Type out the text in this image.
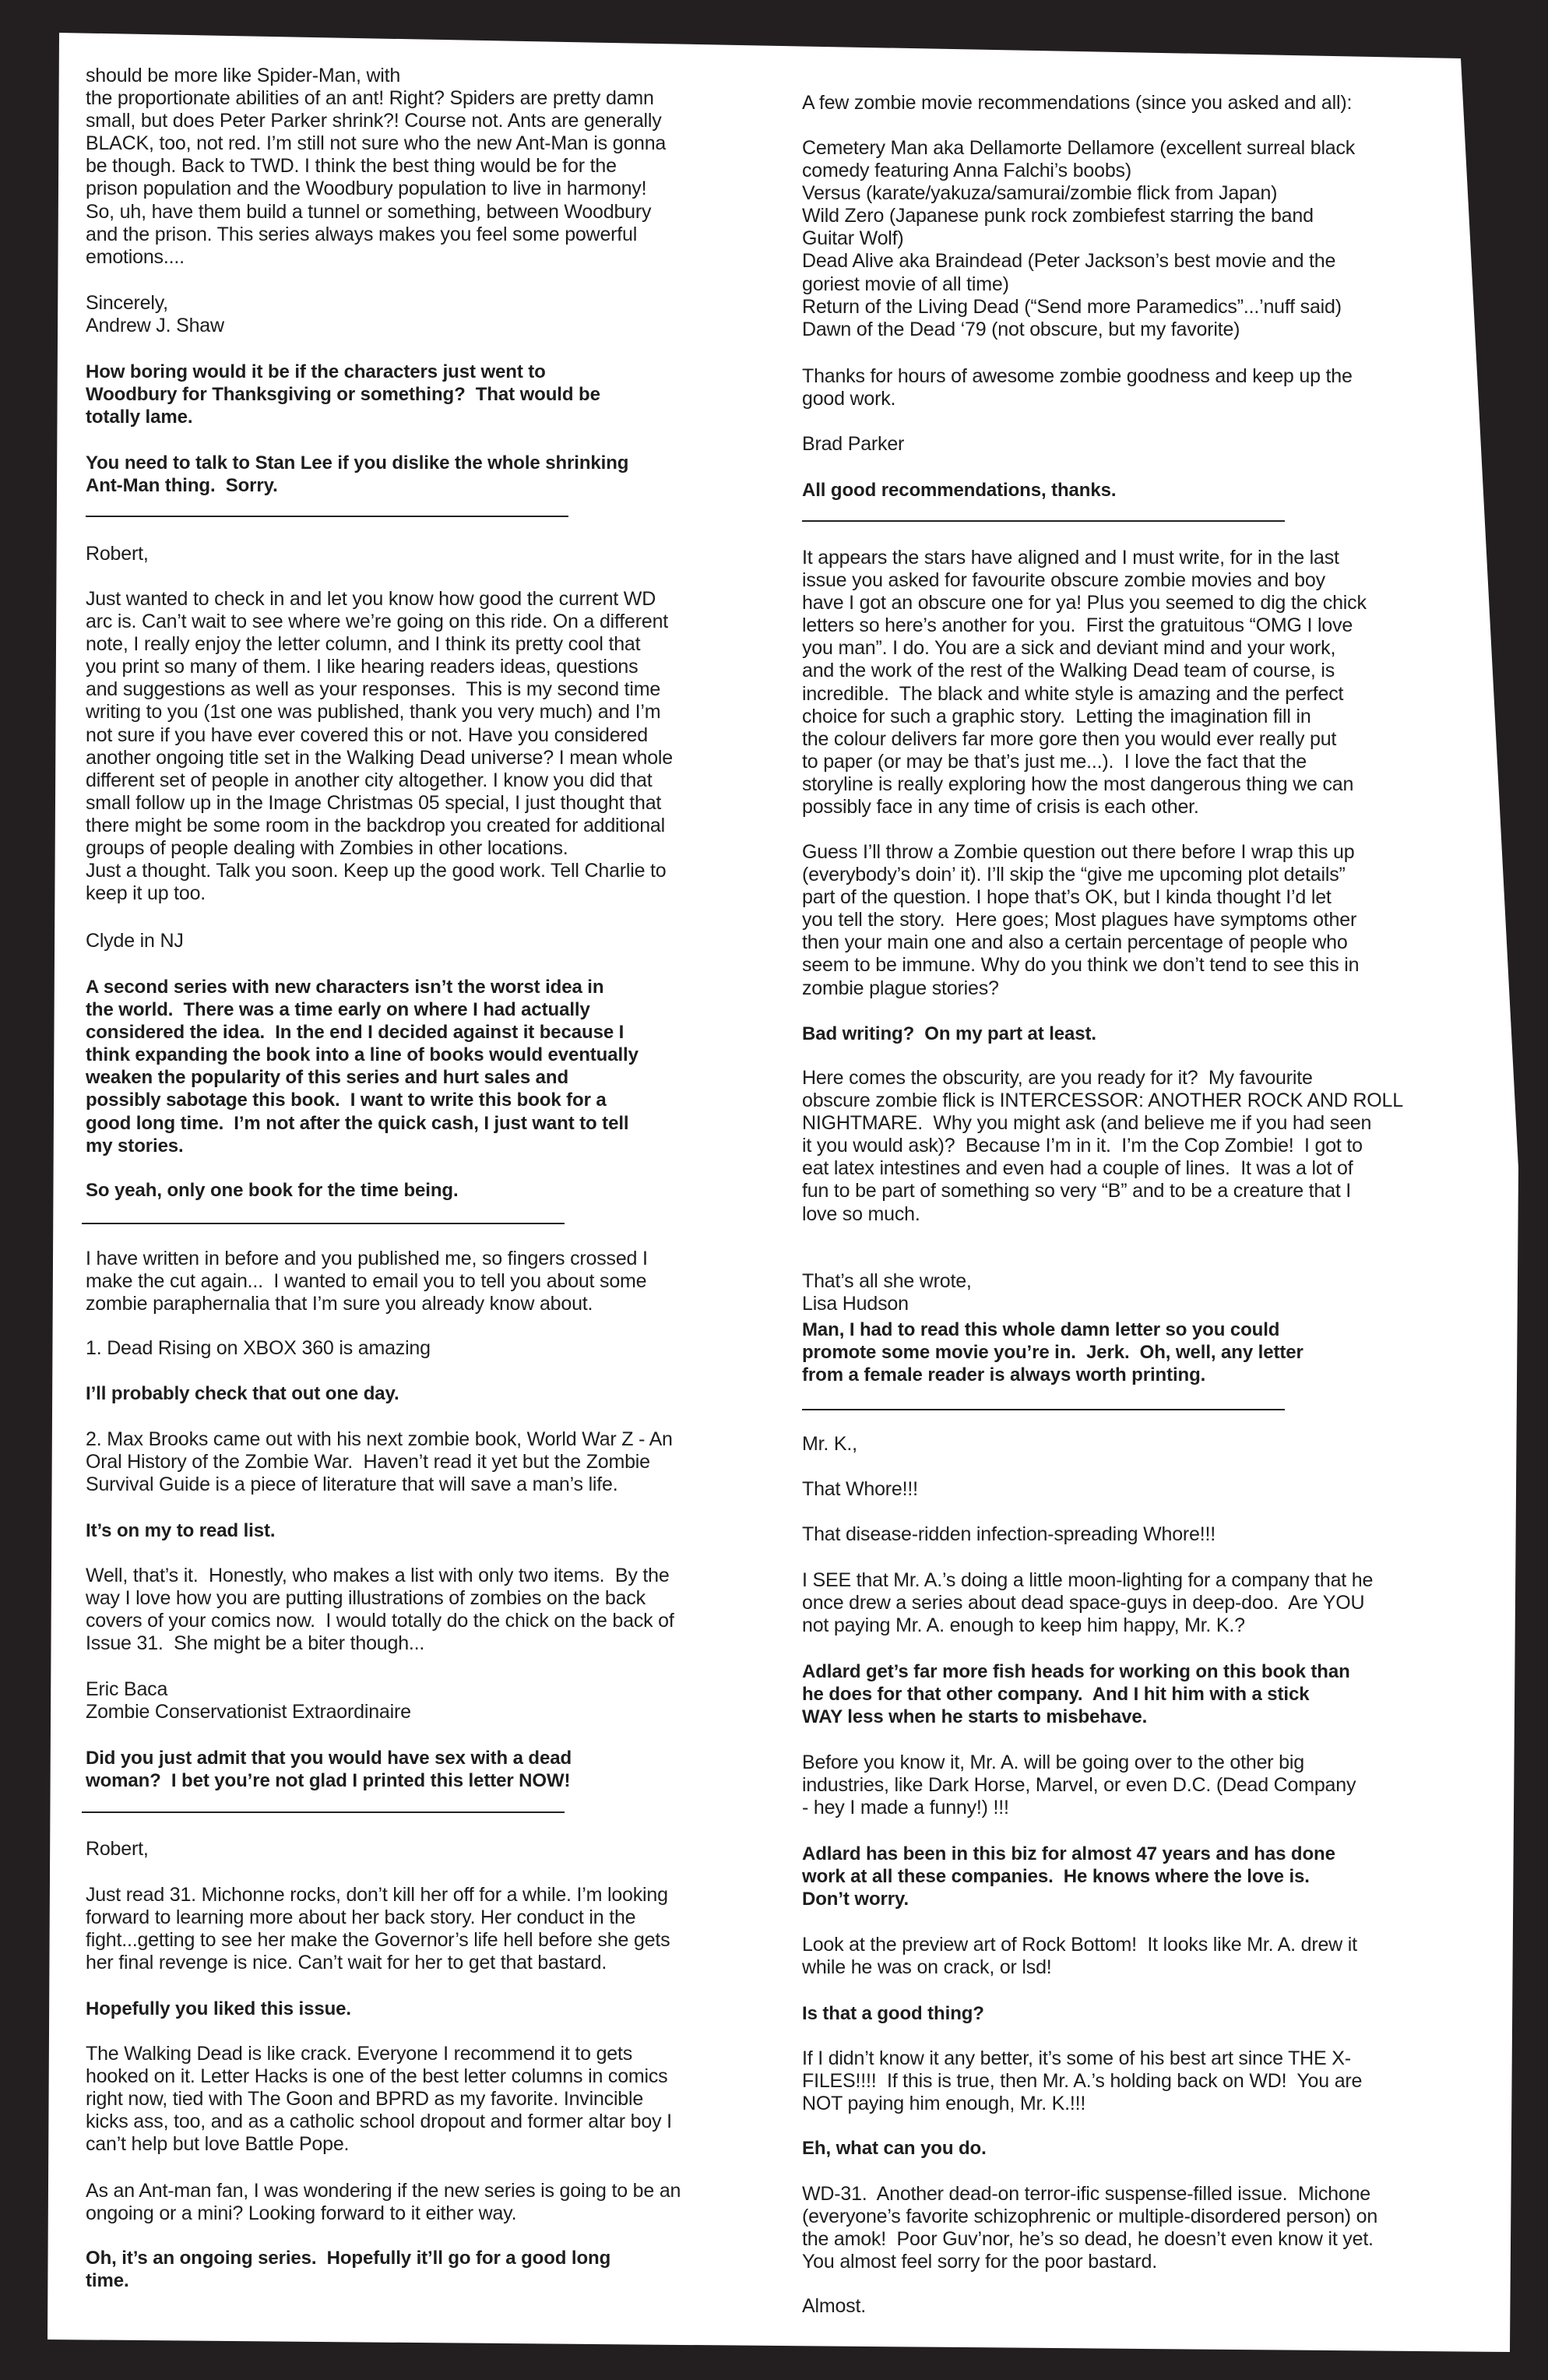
should be more like Spider-Man, with
the proportionate abilities of an ant! Right? Spiders are pretty damn
small, but does Peter Parker shrink?! Course not. Ants are generally
BLACK, too, not red. I’m still not sure who the new Ant-Man is gonna
be though. Back to TWD. I think the best thing would be for the
prison population and the Woodbury population to live in harmony!
So, uh, have them build a tunnel or something, between Woodbury
and the prison. This series always makes you feel some powerful
emotions....
Sincerely,
Andrew J. Shaw
How boring would it be if the characters just went to
Woodbury for Thanksgiving or something?  That would be
totally lame.
You need to talk to Stan Lee if you dislike the whole shrinking
Ant-Man thing.  Sorry.
Robert,
Just wanted to check in and let you know how good the current WD
arc is. Can’t wait to see where we’re going on this ride. On a different
note, I really enjoy the letter column, and I think its pretty cool that
you print so many of them. I like hearing readers ideas, questions
and suggestions as well as your responses.  This is my second time
writing to you (1st one was published, thank you very much) and I’m
not sure if you have ever covered this or not. Have you considered
another ongoing title set in the Walking Dead universe? I mean whole
different set of people in another city altogether. I know you did that
small follow up in the Image Christmas 05 special, I just thought that
there might be some room in the backdrop you created for additional
groups of people dealing with Zombies in other locations.
Just a thought. Talk you soon. Keep up the good work. Tell Charlie to
keep it up too.
Clyde in NJ
A second series with new characters isn’t the worst idea in
the world.  There was a time early on where I had actually
considered the idea.  In the end I decided against it because I
think expanding the book into a line of books would eventually
weaken the popularity of this series and hurt sales and
possibly sabotage this book.  I want to write this book for a
good long time.  I’m not after the quick cash, I just want to tell
my stories.
So yeah, only one book for the time being.
I have written in before and you published me, so fingers crossed I
make the cut again...  I wanted to email you to tell you about some
zombie paraphernalia that I’m sure you already know about.
1. Dead Rising on XBOX 360 is amazing
I’ll probably check that out one day.
2. Max Brooks came out with his next zombie book, World War Z - An
Oral History of the Zombie War.  Haven’t read it yet but the Zombie
Survival Guide is a piece of literature that will save a man’s life.
It’s on my to read list.
Well, that’s it.  Honestly, who makes a list with only two items.  By the
way I love how you are putting illustrations of zombies on the back
covers of your comics now.  I would totally do the chick on the back of
Issue 31.  She might be a biter though...
Eric Baca
Zombie Conservationist Extraordinaire
Did you just admit that you would have sex with a dead
woman?  I bet you’re not glad I printed this letter NOW!
Robert,
Just read 31. Michonne rocks, don’t kill her off for a while. I’m looking
forward to learning more about her back story. Her conduct in the
fight...getting to see her make the Governor’s life hell before she gets
her final revenge is nice. Can’t wait for her to get that bastard.
Hopefully you liked this issue.
The Walking Dead is like crack. Everyone I recommend it to gets
hooked on it. Letter Hacks is one of the best letter columns in comics
right now, tied with The Goon and BPRD as my favorite. Invincible
kicks ass, too, and as a catholic school dropout and former altar boy I
can’t help but love Battle Pope.
As an Ant-man fan, I was wondering if the new series is going to be an
ongoing or a mini? Looking forward to it either way.
Oh, it’s an ongoing series.  Hopefully it’ll go for a good long
time.
A few zombie movie recommendations (since you asked and all):
Cemetery Man aka Dellamorte Dellamore (excellent surreal black
comedy featuring Anna Falchi’s boobs)
Versus (karate/yakuza/samurai/zombie flick from Japan)
Wild Zero (Japanese punk rock zombiefest starring the band
Guitar Wolf)
Dead Alive aka Braindead (Peter Jackson’s best movie and the
goriest movie of all time)
Return of the Living Dead (“Send more Paramedics”...’nuff said)
Dawn of the Dead ‘79 (not obscure, but my favorite)
Thanks for hours of awesome zombie goodness and keep up the
good work.
Brad Parker
All good recommendations, thanks.
It appears the stars have aligned and I must write, for in the last
issue you asked for favourite obscure zombie movies and boy
have I got an obscure one for ya! Plus you seemed to dig the chick
letters so here’s another for you.  First the gratuitous “OMG I love
you man”. I do. You are a sick and deviant mind and your work,
and the work of the rest of the Walking Dead team of course, is
incredible.  The black and white style is amazing and the perfect
choice for such a graphic story.  Letting the imagination fill in
the colour delivers far more gore then you would ever really put
to paper (or may be that’s just me...).  I love the fact that the
storyline is really exploring how the most dangerous thing we can
possibly face in any time of crisis is each other.
Guess I’ll throw a Zombie question out there before I wrap this up
(everybody’s doin’ it). I’ll skip the “give me upcoming plot details”
part of the question. I hope that’s OK, but I kinda thought I’d let
you tell the story.  Here goes; Most plagues have symptoms other
then your main one and also a certain percentage of people who
seem to be immune. Why do you think we don’t tend to see this in
zombie plague stories?
Bad writing?  On my part at least.
Here comes the obscurity, are you ready for it?  My favourite
obscure zombie flick is INTERCESSOR: ANOTHER ROCK AND ROLL
NIGHTMARE.  Why you might ask (and believe me if you had seen
it you would ask)?  Because I’m in it.  I’m the Cop Zombie!  I got to
eat latex intestines and even had a couple of lines.  It was a lot of
fun to be part of something so very “B” and to be a creature that I
love so much.
That’s all she wrote,
Lisa Hudson
Man, I had to read this whole damn letter so you could
promote some movie you’re in.  Jerk.  Oh, well, any letter
from a female reader is always worth printing.
Mr. K.,
That Whore!!!
That disease-ridden infection-spreading Whore!!!
I SEE that Mr. A.’s doing a little moon-lighting for a company that he
once drew a series about dead space-guys in deep-doo.  Are YOU
not paying Mr. A. enough to keep him happy, Mr. K.?
Adlard get’s far more fish heads for working on this book than
he does for that other company.  And I hit him with a stick
WAY less when he starts to misbehave.
Before you know it, Mr. A. will be going over to the other big
industries, like Dark Horse, Marvel, or even D.C. (Dead Company
- hey I made a funny!) !!!
Adlard has been in this biz for almost 47 years and has done
work at all these companies.  He knows where the love is.
Don’t worry.
Look at the preview art of Rock Bottom!  It looks like Mr. A. drew it
while he was on crack, or lsd!
Is that a good thing?
If I didn’t know it any better, it’s some of his best art since THE X-
FILES!!!!  If this is true, then Mr. A.’s holding back on WD!  You are
NOT paying him enough, Mr. K.!!!
Eh, what can you do.
WD-31.  Another dead-on terror-ific suspense-filled issue.  Michone
(everyone’s favorite schizophrenic or multiple-disordered person) on
the amok!  Poor Guv’nor, he’s so dead, he doesn’t even know it yet.
You almost feel sorry for the poor bastard.
Almost.
